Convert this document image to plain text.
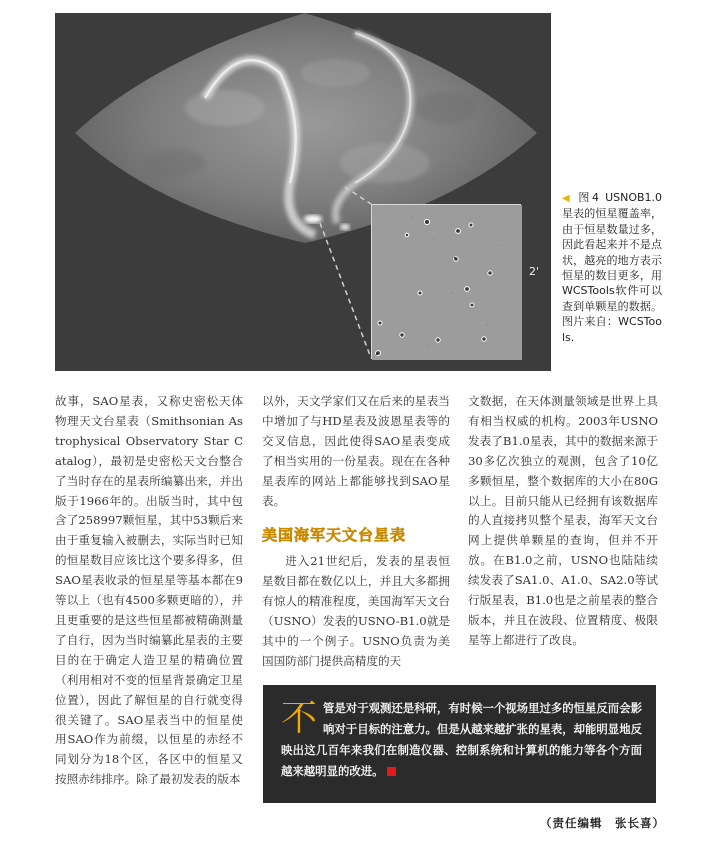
2'
◀ 图4 USNOB1.0星表的恒星覆盖率，由于恒星数量过多，因此看起来并不是点状，越亮的地方表示恒星的数目更多，用WCSTools软件可以查到单颗星的数据。图片来自：WCSTools.
故事，SAO星表，又称史密松天体物理天文台星表（Smithsonian Astrophysical Observatory Star Catalog），最初是史密松天文台整合了当时存在的星表所编纂出来，并出版于1966年的。出版当时，其中包含了258997颗恒星，其中53颗后来由于重复输入被删去，实际当时已知的恒星数目应该比这个要多得多，但SAO星表收录的恒星星等基本都在9等以上（也有4500多颗更暗的），并且更重要的是这些恒星都被精确测量了自行，因为当时编纂此星表的主要目的在于确定人造卫星的精确位置（利用相对不变的恒星背景确定卫星位置），因此了解恒星的自行就变得很关键了。SAO星表当中的恒星使用SAO作为前缀，以恒星的赤经不同划分为18个区，各区中的恒星又按照赤纬排序。除了最初发表的版本
以外，天文学家们又在后来的星表当中增加了与HD星表及波恩星表等的交叉信息，因此使得SAO星表变成了相当实用的一份星表。现在在各种星表库的网站上都能够找到SAO星表。
美国海军天文台星表
进入21世纪后，发表的星表恒星数目都在数亿以上，并且大多都拥有惊人的精准程度，美国海军天文台（USNO）发表的USNO-B1.0就是其中的一个例子。USNO负责为美国国防部门提供高精度的天
文数据，在天体测量领域是世界上具有相当权威的机构。2003年USNO发表了B1.0星表，其中的数据来源于30多亿次独立的观测，包含了10亿多颗恒星，整个数据库的大小在80G以上。目前只能从已经拥有该数据库的人直接拷贝整个星表，海军天文台网上提供单颗星的查询，但并不开放。在B1.0之前，USNO也陆陆续续发表了SA1.0、A1.0、SA2.0等试行版星表，B1.0也是之前星表的整合版本，并且在波段、位置精度、极限星等上都进行了改良。
不 管是对于观测还是科研，有时候一个视场里过多的恒星反而会影响对于目标的注意力。但是从越来越扩张的星表，却能明显地反映出这几百年来我们在制造仪器、控制系统和计算机的能力等各个方面越来越明显的改进。
（责任编辑　张长喜）
